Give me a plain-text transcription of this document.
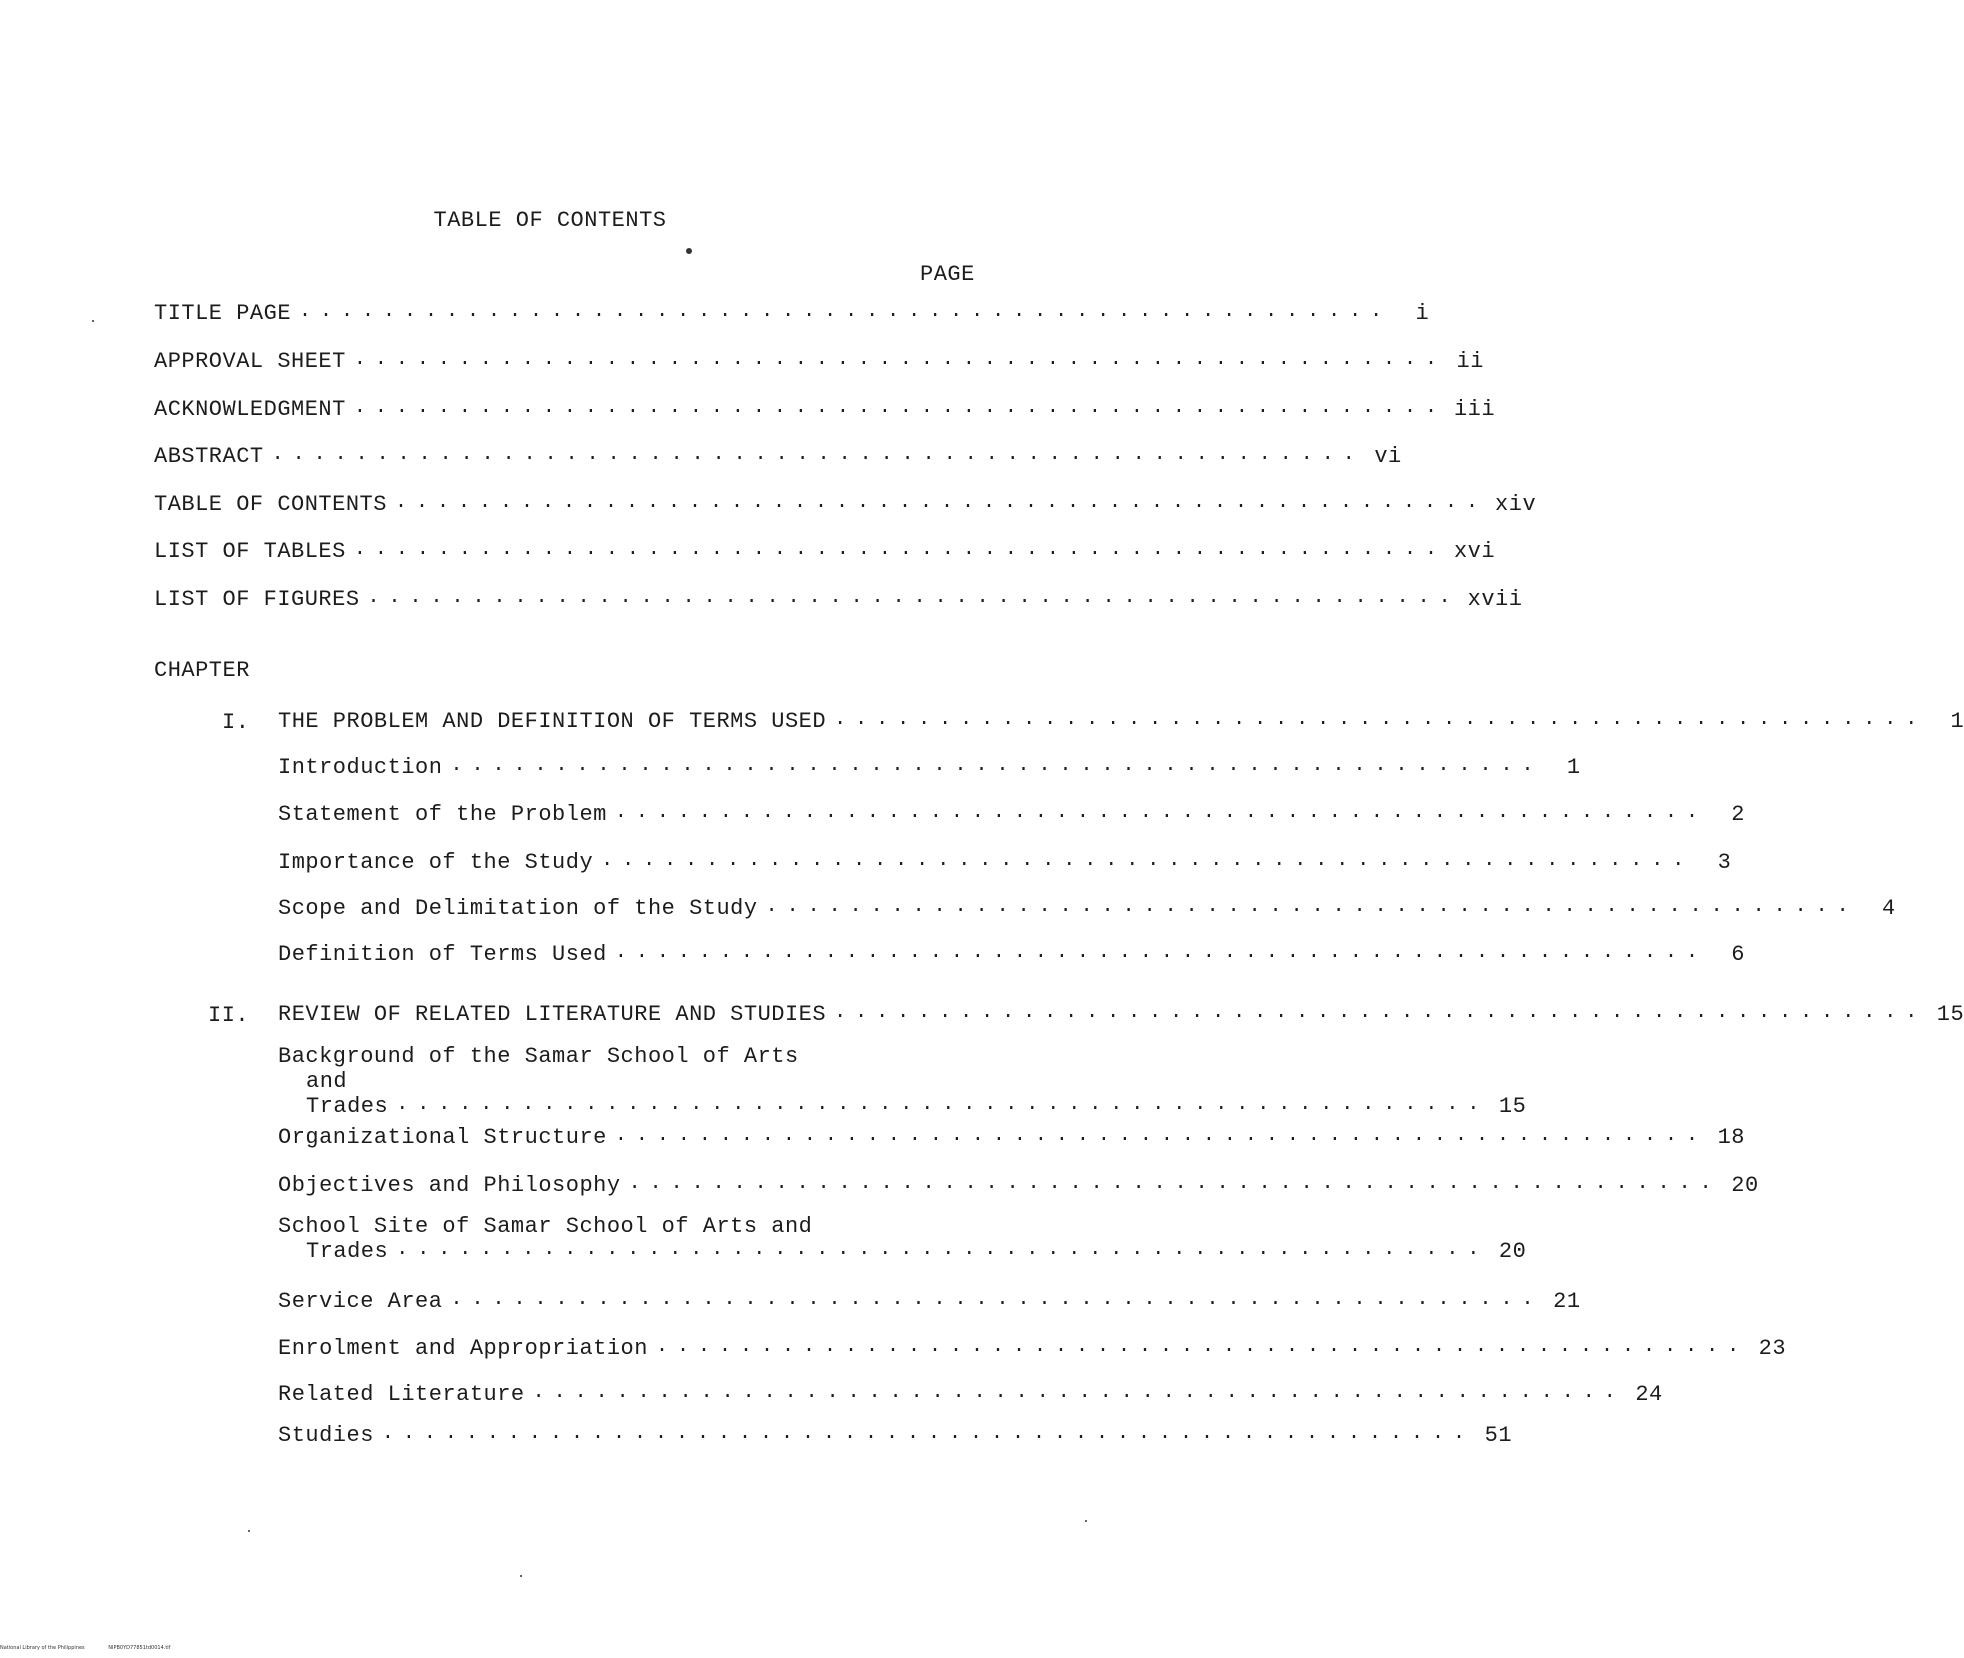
TABLE OF CONTENTS
PAGE
TITLE PAGE ....................................................	i
APPROVAL SHEET .................................................... ii
ACKNOWLEDGMENT .................................................... iii
ABSTRACT .................................................... vi
TABLE OF CONTENTS .................................................... xiv
LIST OF TABLES .................................................... xvi
LIST OF FIGURES .................................................... xvii
CHAPTER
I. THE PROBLEM AND DEFINITION OF TERMS USED ....................................................	1
Introduction ....................................................	1
Statement of the Problem ....................................................	2
Importance of the Study ....................................................	3
Scope and Delimitation of the Study ....................................................	4
Definition of Terms Used ....................................................	6
II. REVIEW OF RELATED LITERATURE AND STUDIES .................................................... 15
Background of the Samar School of Arts
and Trades .................................................... 15
Organizational Structure .................................................... 18
Objectives and Philosophy .................................................... 20
School Site of Samar School of Arts and
Trades .................................................... 20
Service Area .................................................... 21
Enrolment and Appropriation .................................................... 23
Related Literature .................................................... 24
Studies .................................................... 51
National Library of the Philippines	NIPB0YD77851td0014.tif
